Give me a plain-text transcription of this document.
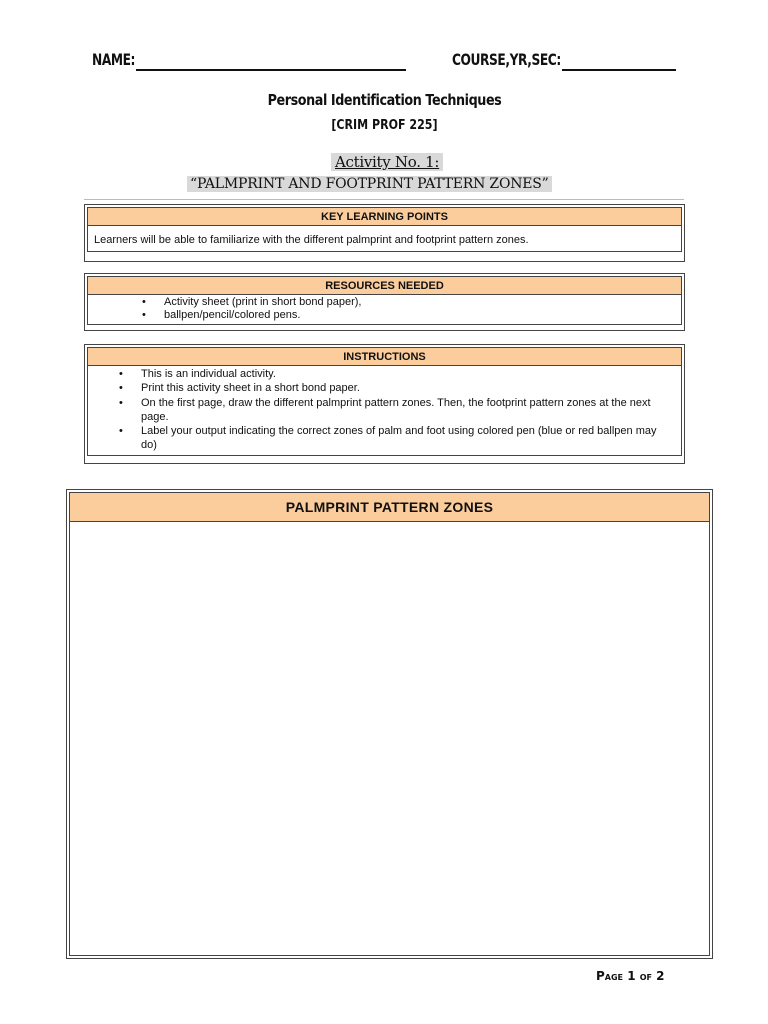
NAME:	COURSE,YR,SEC:
Personal Identification Techniques
[CRIM PROF 225]
Activity No. 1:
“PALMPRINT AND FOOTPRINT PATTERN ZONES”
KEY LEARNING POINTS
Learners will be able to familiarize with the different palmprint and footprint pattern zones.
RESOURCES NEEDED
• Activity sheet (print in short bond paper),
• ballpen/pencil/colored pens.
INSTRUCTIONS
• This is an individual activity.
• Print this activity sheet in a short bond paper.
• On the first page, draw the different palmprint pattern zones. Then, the footprint pattern zones at the next page.
• Label your output indicating the correct zones of palm and foot using colored pen (blue or red ballpen may do)
PALMPRINT PATTERN ZONES
Page 1 of 2
